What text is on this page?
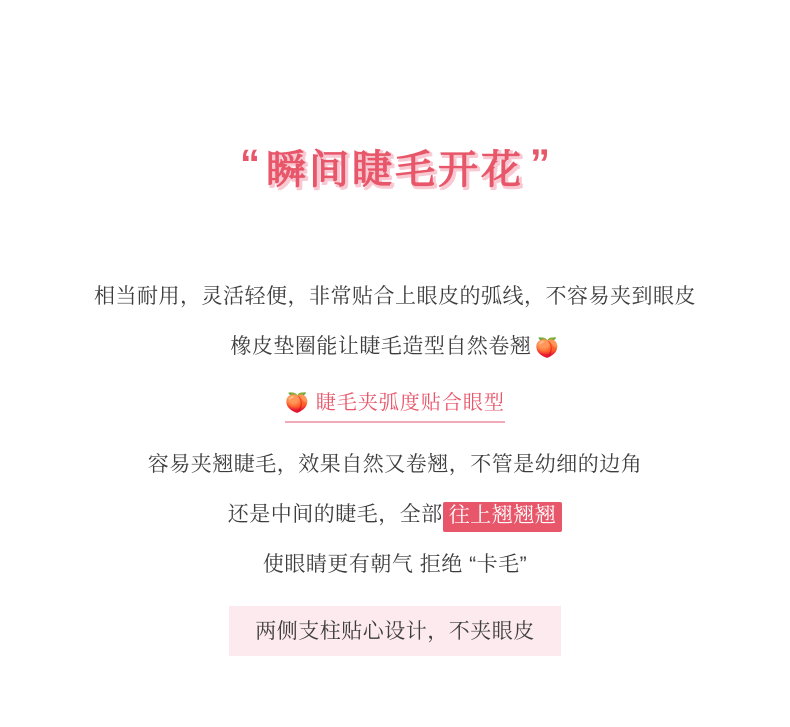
“ 瞬间睫毛开花 ”
相当耐用，灵活轻便，非常贴合上眼皮的弧线，不容易夹到眼皮
橡皮垫圈能让睫毛造型自然卷翘 🍑
🍑 睫毛夹弧度贴合眼型
容易夹翘睫毛，效果自然又卷翘，不管是幼细的边角
还是中间的睫毛，全部 往上翘翘翘
使眼睛更有朝气 拒绝 “卡毛”
两侧支柱贴心设计，不夹眼皮
